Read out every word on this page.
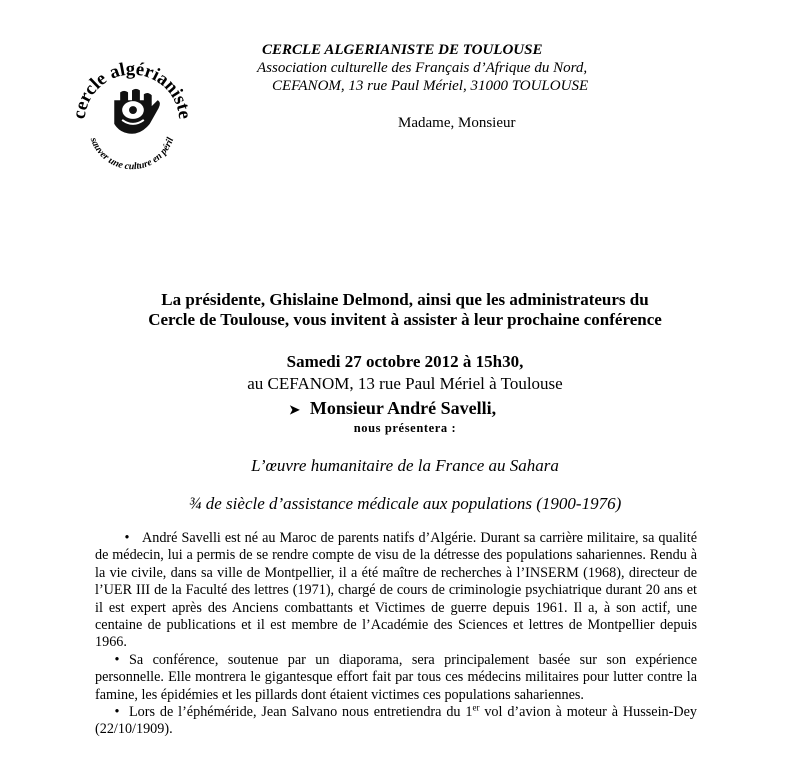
cercle algérianiste
sauver une culture en péril
CERCLE ALGERIANISTE DE TOULOUSE
Association culturelle des Français d’Afrique du Nord,
CEFANOM, 13 rue Paul Mériel, 31000 TOULOUSE
Madame, Monsieur
La présidente, Ghislaine Delmond, ainsi que les administrateurs du
Cercle de Toulouse, vous invitent à assister à leur prochaine conférence
Samedi 27 octobre 2012 à 15h30,
au CEFANOM, 13 rue Paul Mériel à Toulouse
➤ Monsieur André Savelli,
nous présentera :
L’œuvre humanitaire de la France au Sahara
¾ de siècle d’assistance médicale aux populations (1900-1976)

• André Savelli est né au Maroc de parents natifs d’Algérie. Durant sa carrière militaire, sa qualité de médecin, lui a permis de se rendre compte de visu de la détresse des populations sahariennes. Rendu à la vie civile, dans sa ville de Montpellier, il a été maître de recherches à l’INSERM (1968), directeur de l’UER III de la Faculté des lettres (1971), chargé de cours de criminologie psychiatrique durant 20 ans et il est expert après des Anciens combattants et Victimes de guerre depuis 1961. Il a, à son actif, une centaine de publications et il est membre de l’Académie des Sciences et lettres de Montpellier depuis 1966.

• Sa conférence, soutenue par un diaporama, sera principalement basée sur son expérience personnelle. Elle montrera le gigantesque effort fait par tous ces médecins militaires pour lutter contre la famine, les épidémies et les pillards dont étaient victimes ces populations sahariennes.

• Lors de l’éphéméride, Jean Salvano nous entretiendra du 1er vol d’avion à moteur à Hussein-Dey (22/10/1909).
